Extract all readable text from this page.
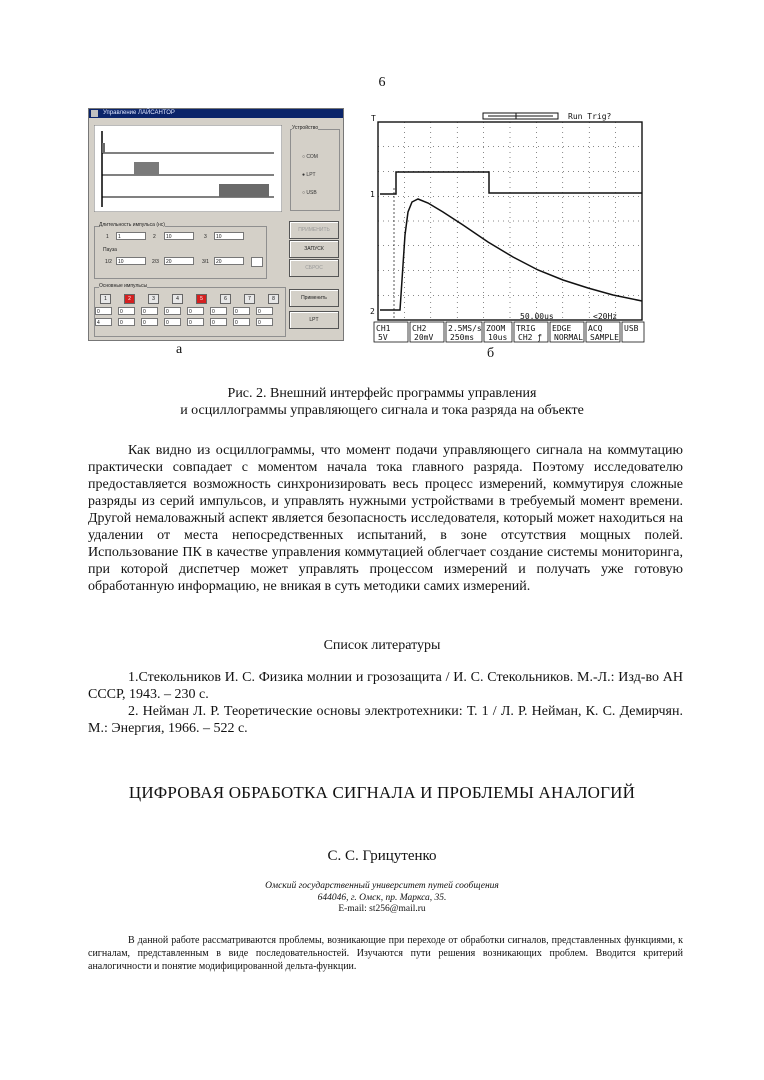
6
Управление ЛАЙСАНТОР
Устройство
○ СОМ
● LPT
○ USB
ПРИМЕНИТЬ
ЗАПУСК
СБРОС
Длительность импульса (нс)
1	1	2	10	3	10
Пауза
1/2	10	2/3	20	3/1	20
Основные импульсы
1	2	3	4	5	6	7	8
0	0	0	0	0	0	0	0
4	0	0	0	0	0	0	0
Применить
LPT
а
T	Run Trig?
1
2
50.00us	<20Hz
CH1
5V
CH2
20mV
2.5MS/s
250ms
ZOOM
10us
TRIG
CH2 ƒ
EDGE
NORMAL
ACQ
SAMPLE
USB
б
Рис. 2. Внешний интерфейс программы управления
и осциллограммы управляющего сигнала и тока разряда на объекте

Как видно из осциллограммы, что момент подачи управляющего сигнала на коммутацию практически совпадает с моментом начала тока главного разряда. Поэтому исследователю предоставляется возможность синхронизировать весь процесс измерений, коммутируя сложные разряды из серий импульсов, и управлять нужными устройствами в требуемый момент времени. Другой немаловажный аспект является безопасность исследователя, который может находиться на удалении от места непосредственных испытаний, в зоне отсутствия мощных полей. Использование ПК в качестве управления коммутацией облегчает создание системы мониторинга, при которой диспетчер может управлять процессом измерений и получать уже готовую обработанную информацию, не вникая в суть методики самих измерений.

Список литературы

1.Стекольников И. С. Физика молнии и грозозащита / И. С. Стекольников. М.-Л.: Изд-во АН СССР, 1943. – 230 с.

2. Нейман Л. Р. Теоретические основы электротехники: Т. 1 / Л. Р. Нейман, К. С. Демирчян. М.: Энергия, 1966. – 522 с.

ЦИФРОВАЯ ОБРАБОТКА СИГНАЛА И ПРОБЛЕМЫ АНАЛОГИЙ
С. С. Грицутенко
Омский государственный университет путей сообщения
644046, г. Омск, пр. Маркса, 35.
E-mail: st256@mail.ru

В данной работе рассматриваются проблемы, возникающие при переходе от обработки сигналов, представленных функциями, к сигналам, представленным в виде последовательностей. Изучаются пути решения возникающих проблем. Вводится критерий аналогичности и понятие модифицированной дельта-функции.
